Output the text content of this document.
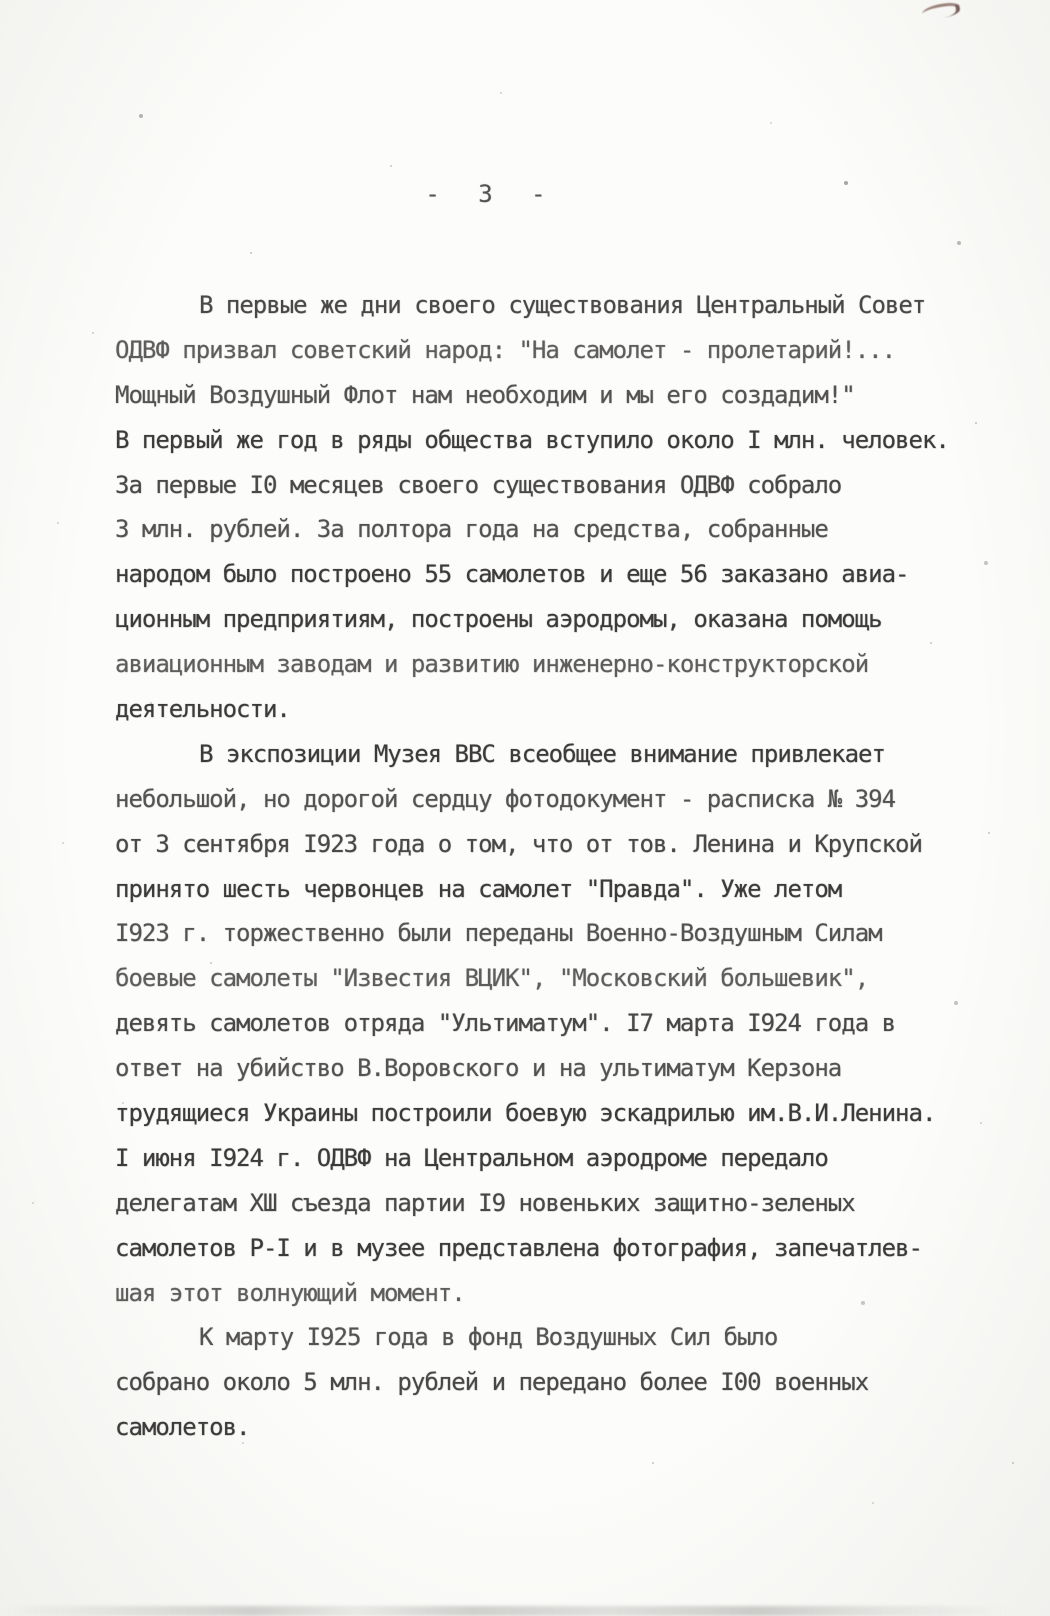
- 3 -
В первые же дни своего существования Центральный Совет
ОДВФ призвал советский народ: "На самолет - пролетарий!...
Мощный Воздушный Флот нам необходим и мы его создадим!"
В первый же год в ряды общества вступило около I млн. человек.
За первые I0 месяцев своего существования ОДВФ собрало
3 млн. рублей. За полтора года на средства, собранные
народом было построено 55 самолетов и еще 56 заказано авиа-
ционным предприятиям, построены аэродромы, оказана помощь
авиационным заводам и развитию инженерно-конструкторской
деятельности.
В экспозиции Музея ВВС всеобщее внимание привлекает
небольшой, но дорогой сердцу фотодокумент - расписка № 394
от 3 сентября I923 года о том, что от тов. Ленина и Крупской
принято шесть червонцев на самолет "Правда". Уже летом
I923 г. торжественно были переданы Военно-Воздушным Силам
боевые самолеты "Известия ВЦИК", "Московский большевик",
девять самолетов отряда "Ультиматум". I7 марта I924 года в
ответ на убийство В.Воровского и на ультиматум Керзона
трудящиеся Украины построили боевую эскадрилью им.В.И.Ленина.
I июня I924 г. ОДВФ на Центральном аэродроме передало
делегатам ХШ съезда партии I9 новеньких защитно-зеленых
самолетов Р-I и в музее представлена фотография, запечатлев-
шая этот волнующий момент.
К марту I925 года в фонд Воздушных Сил было
собрано около 5 млн. рублей и передано более I00 военных
самолетов.
